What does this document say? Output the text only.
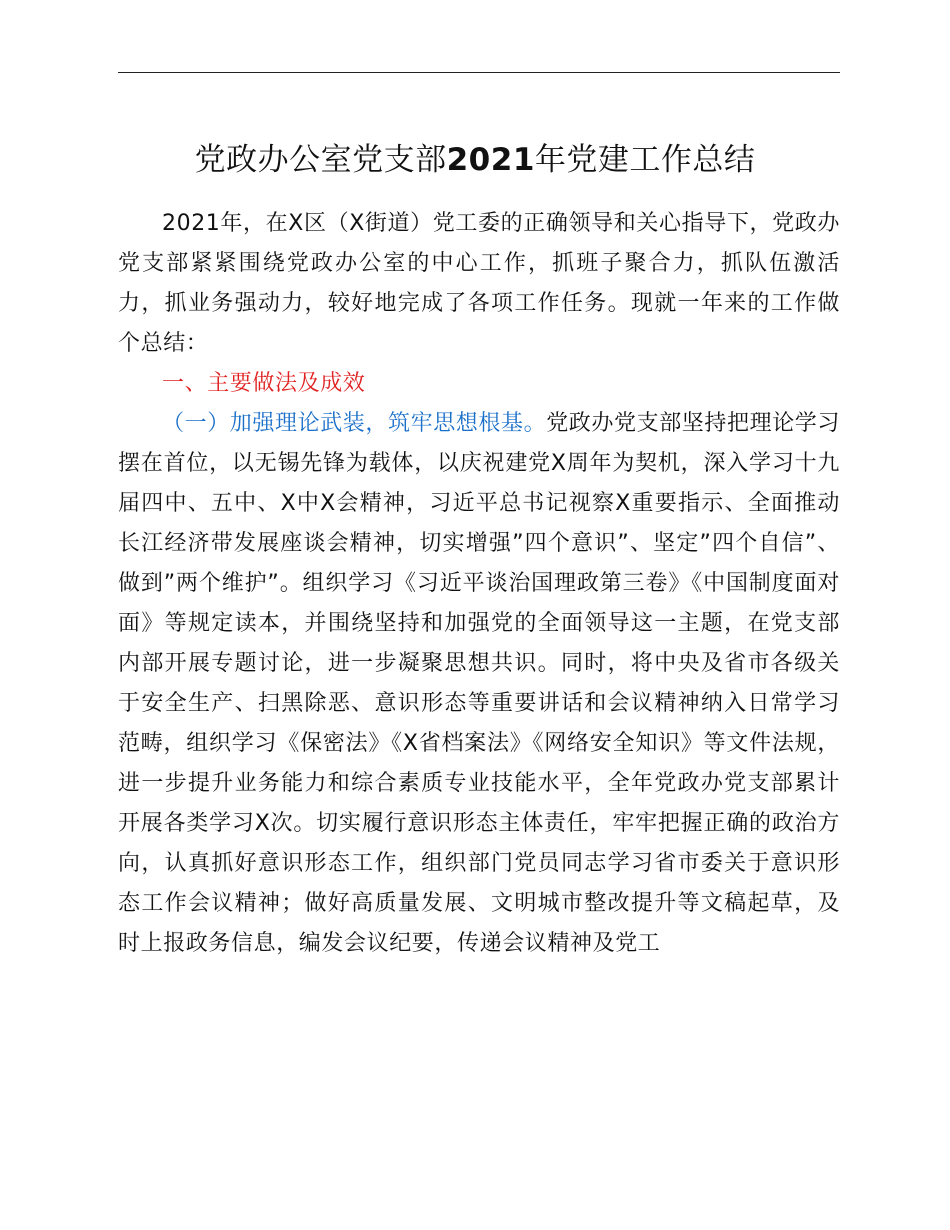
党政办公室党支部2021年党建工作总结

2021年，在X区（X街道）党工委的正确领导和关心指导下，党政办党支部紧紧围绕党政办公室的中心工作，抓班子聚合力，抓队伍激活力，抓业务强动力，较好地完成了各项工作任务。现就一年来的工作做个总结：

一、主要做法及成效

（一）加强理论武装，筑牢思想根基。党政办党支部坚持把理论学习摆在首位，以无锡先锋为载体，以庆祝建党X周年为契机，深入学习十九届四中、五中、X中X会精神，习近平总书记视察X重要指示、全面推动长江经济带发展座谈会精神，切实增强”四个意识”、坚定”四个自信”、做到”两个维护”。组织学习《习近平谈治国理政第三卷》《中国制度面对面》等规定读本，并围绕坚持和加强党的全面领导这一主题，在党支部内部开展专题讨论，进一步凝聚思想共识。同时，将中央及省市各级关于安全生产、扫黑除恶、意识形态等重要讲话和会议精神纳入日常学习范畴，组织学习《保密法》《X省档案法》《网络安全知识》等文件法规，进一步提升业务能力和综合素质专业技能水平，全年党政办党支部累计开展各类学习X次。切实履行意识形态主体责任，牢牢把握正确的政治方向，认真抓好意识形态工作，组织部门党员同志学习省市委关于意识形态工作会议精神；做好高质量发展、文明城市整改提升等文稿起草，及时上报政务信息，编发会议纪要，传递会议精神及党工
